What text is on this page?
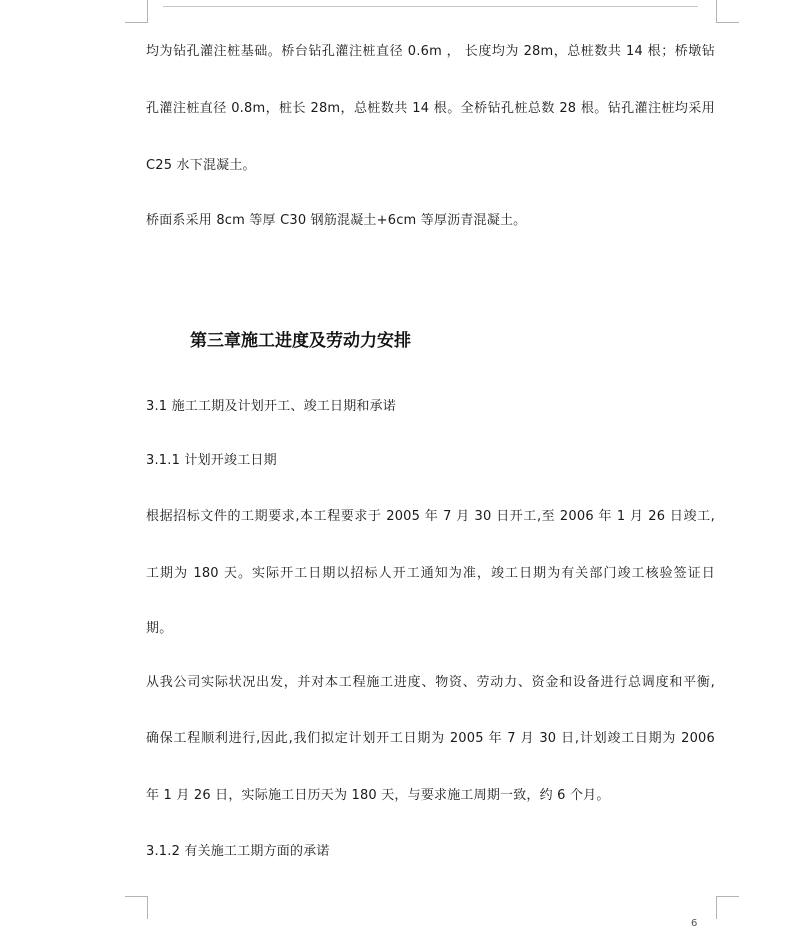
均为钻孔灌注桩基础。桥台钻孔灌注桩直径 0.6m ， 长度均为 28m，总桩数共 14 根；桥墩钻
孔灌注桩直径 0.8m，桩长 28m，总桩数共 14 根。全桥钻孔桩总数 28 根。钻孔灌注桩均采用
C25 水下混凝土。
桥面系采用 8cm 等厚 C30 钢筋混凝土+6cm 等厚沥青混凝土。
第三章施工进度及劳动力安排
3.1 施工工期及计划开工、竣工日期和承诺
3.1.1 计划开竣工日期
根据招标文件的工期要求,本工程要求于 2005 年 7 月 30 日开工,至 2006 年 1 月 26 日竣工,
工期为 180 天。实际开工日期以招标人开工通知为准，竣工日期为有关部门竣工核验签证日
期。
从我公司实际状况出发，并对本工程施工进度、物资、劳动力、资金和设备进行总调度和平衡,
确保工程顺利进行,因此,我们拟定计划开工日期为 2005 年 7 月 30 日,计划竣工日期为 2006
年 1 月 26 日，实际施工日历天为 180 天，与要求施工周期一致，约 6 个月。
3.1.2 有关施工工期方面的承诺
6
